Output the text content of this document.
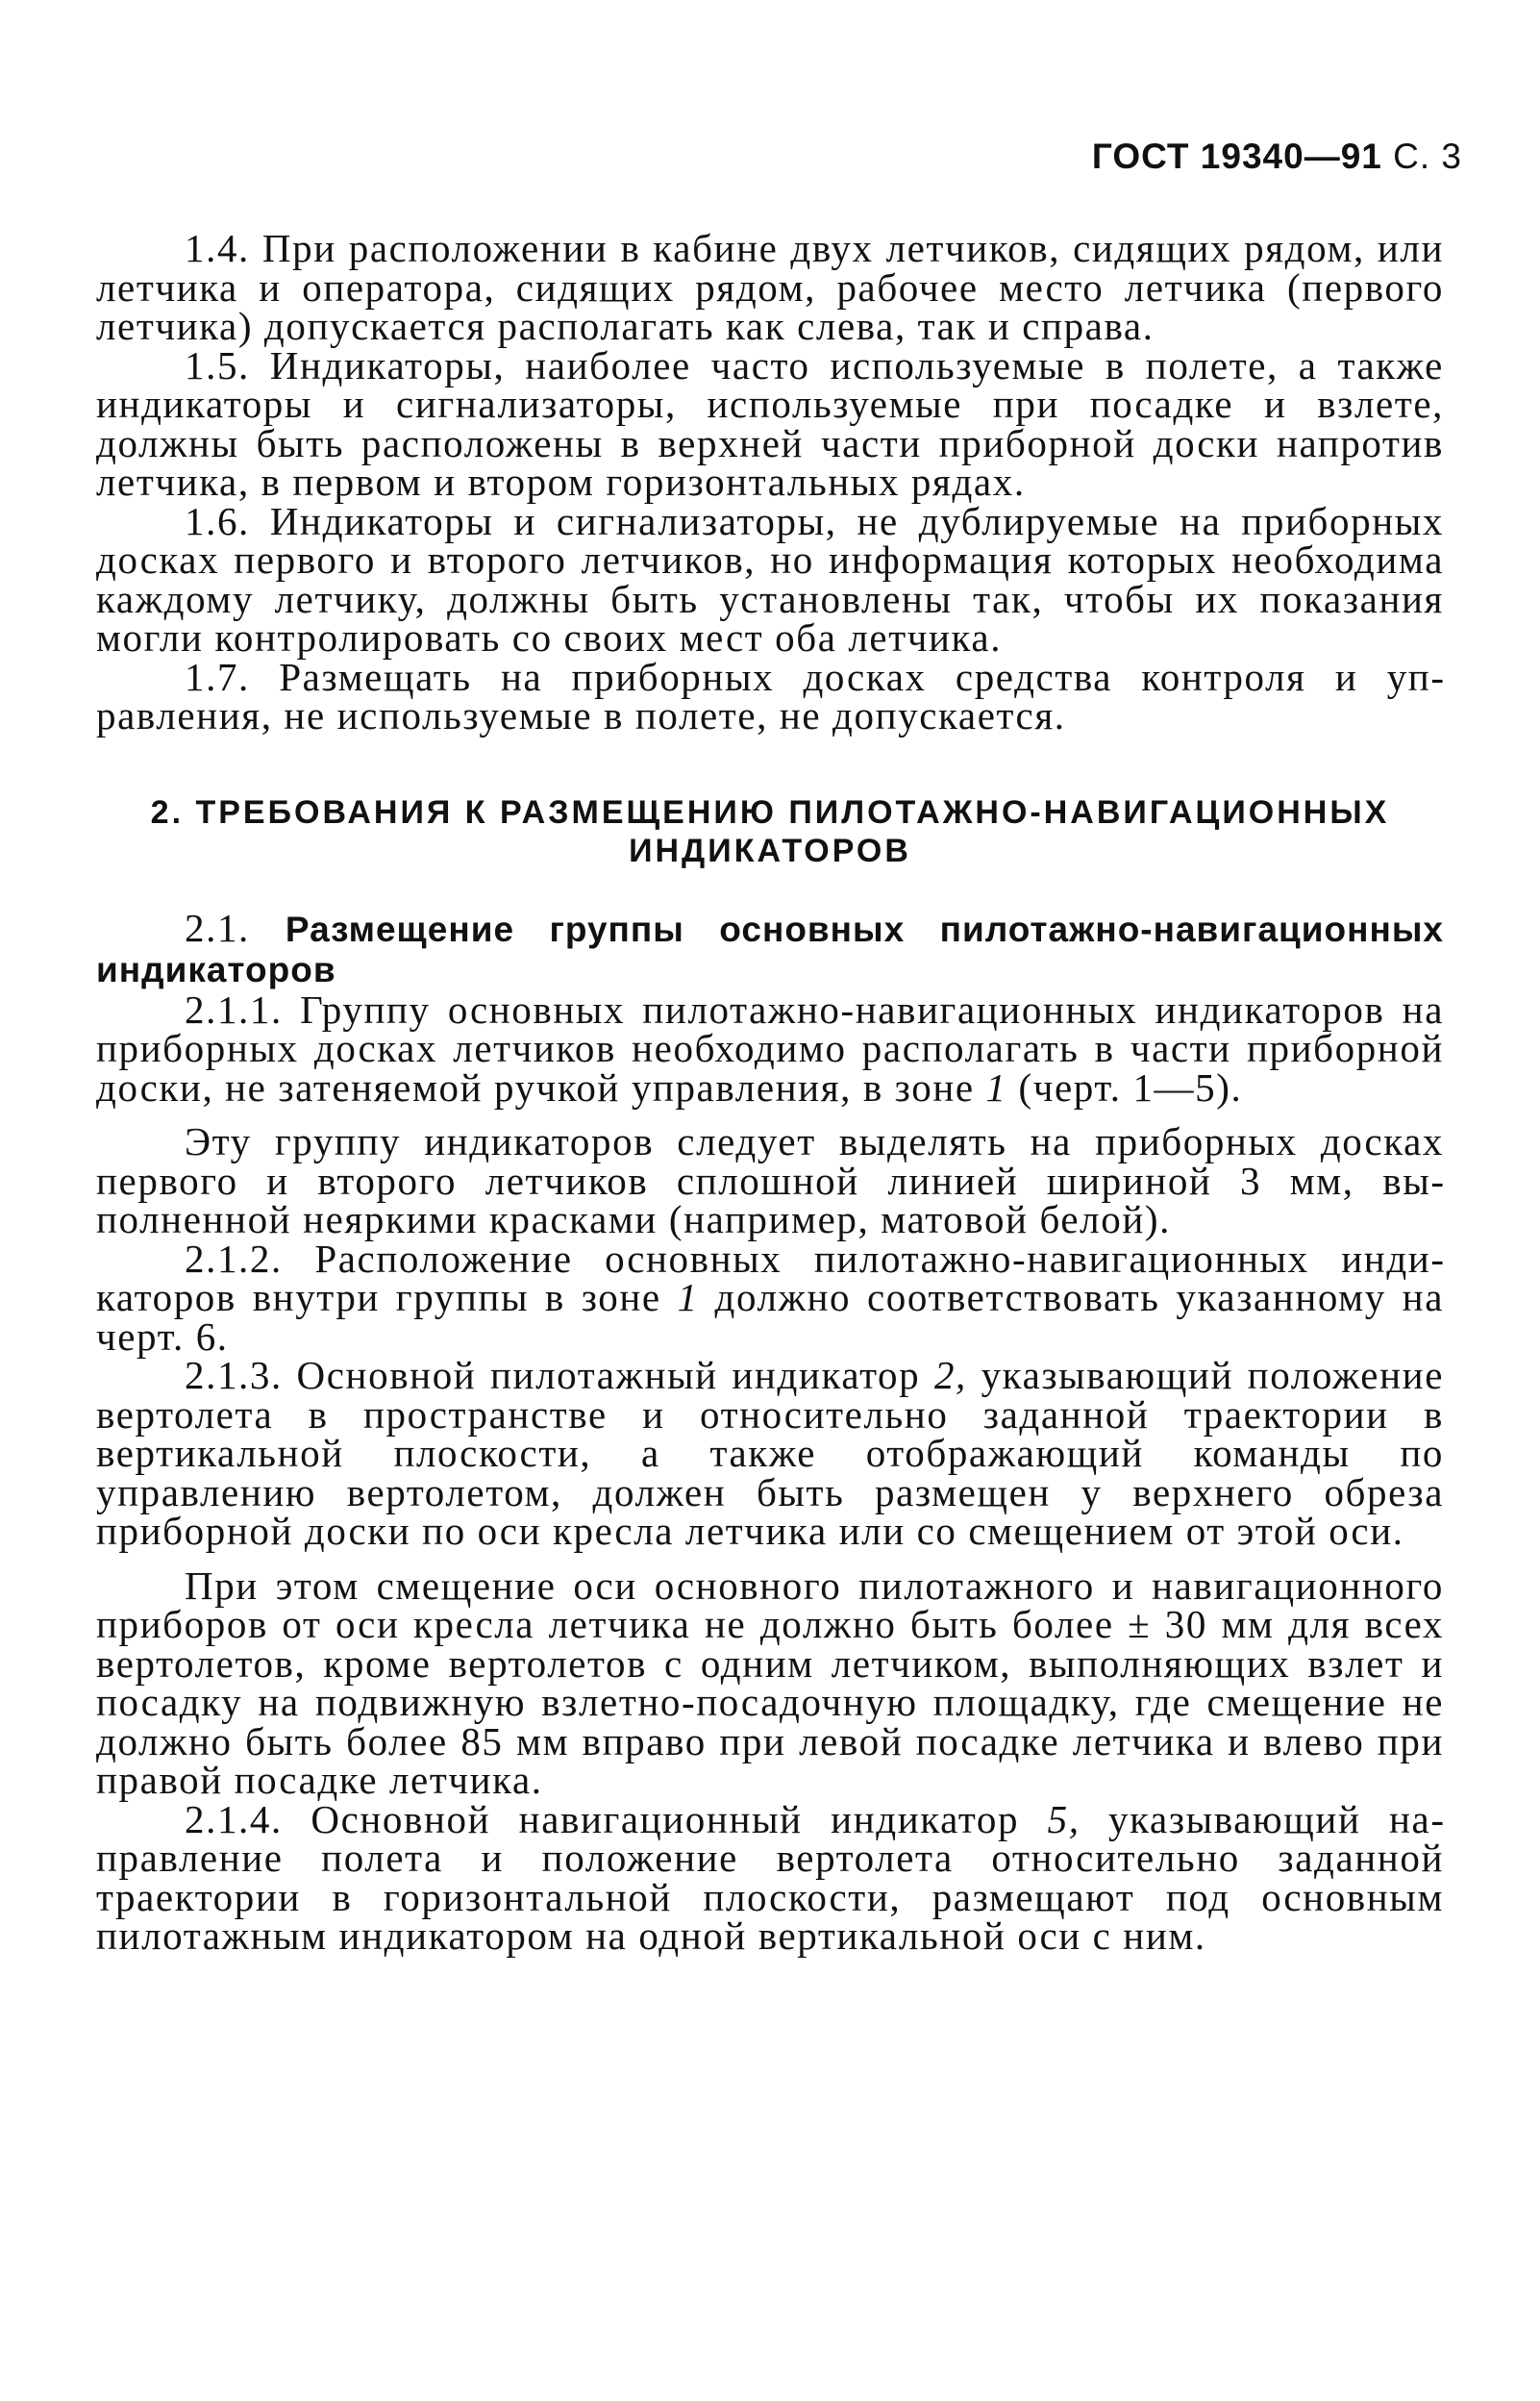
ГОСТ 19340—91 С. 3

1.4. При расположении в кабине двух летчиков, сидящих рядом, или летчика и оператора, сидящих рядом, рабочее место летчика (первого летчика) допускается располагать как слева, так и справа.

1.5. Индикаторы, наиболее часто используемые в полете, а также индикаторы и сигнализаторы, используемые при посадке и взлете, должны быть расположены в верхней части приборной доски напротив летчика, в первом и втором горизонтальных рядах.

1.6. Индикаторы и сигнализаторы, не дублируемые на приборных досках первого и второго летчиков, но информация которых необходима каждому летчику, должны быть установлены так, чтобы их показания могли контролировать со своих мест оба летчика.

1.7. Размещать на приборных досках средства контроля и управления, не используемые в полете, не допускается.

2. ТРЕБОВАНИЯ К РАЗМЕЩЕНИЮ ПИЛОТАЖНО-НАВИГАЦИОННЫХ
ИНДИКАТОРОВ

2.1. Размещение группы основных пилотажно-навигационных индикаторов

2.1.1. Группу основных пилотажно-навигационных индикаторов на приборных досках летчиков необходимо располагать в части приборной доски, не затеняемой ручкой управления, в зоне 1 (черт. 1—5).

Эту группу индикаторов следует выделять на приборных досках первого и второго летчиков сплошной линией шириной 3 мм, выполненной неяркими красками (например, матовой белой).

2.1.2. Расположение основных пилотажно-навигационных индикаторов внутри группы в зоне 1 должно соответствовать указанному на черт. 6.

2.1.3. Основной пилотажный индикатор 2, указывающий положение вертолета в пространстве и относительно заданной траектории в вертикальной плоскости, а также отображающий команды по управлению вертолетом, должен быть размещен у верхнего обреза приборной доски по оси кресла летчика или со смещением от этой оси.

При этом смещение оси основного пилотажного и навигационного приборов от оси кресла летчика не должно быть более ± 30 мм для всех вертолетов, кроме вертолетов с одним летчиком, выполняющих взлет и посадку на подвижную взлетно-посадочную площадку, где смещение не должно быть более 85 мм вправо при левой посадке летчика и влево при правой посадке летчика.

2.1.4. Основной навигационный индикатор 5, указывающий направление полета и положение вертолета относительно заданной траектории в горизонтальной плоскости, размещают под основным пилотажным индикатором на одной вертикальной оси с ним.
